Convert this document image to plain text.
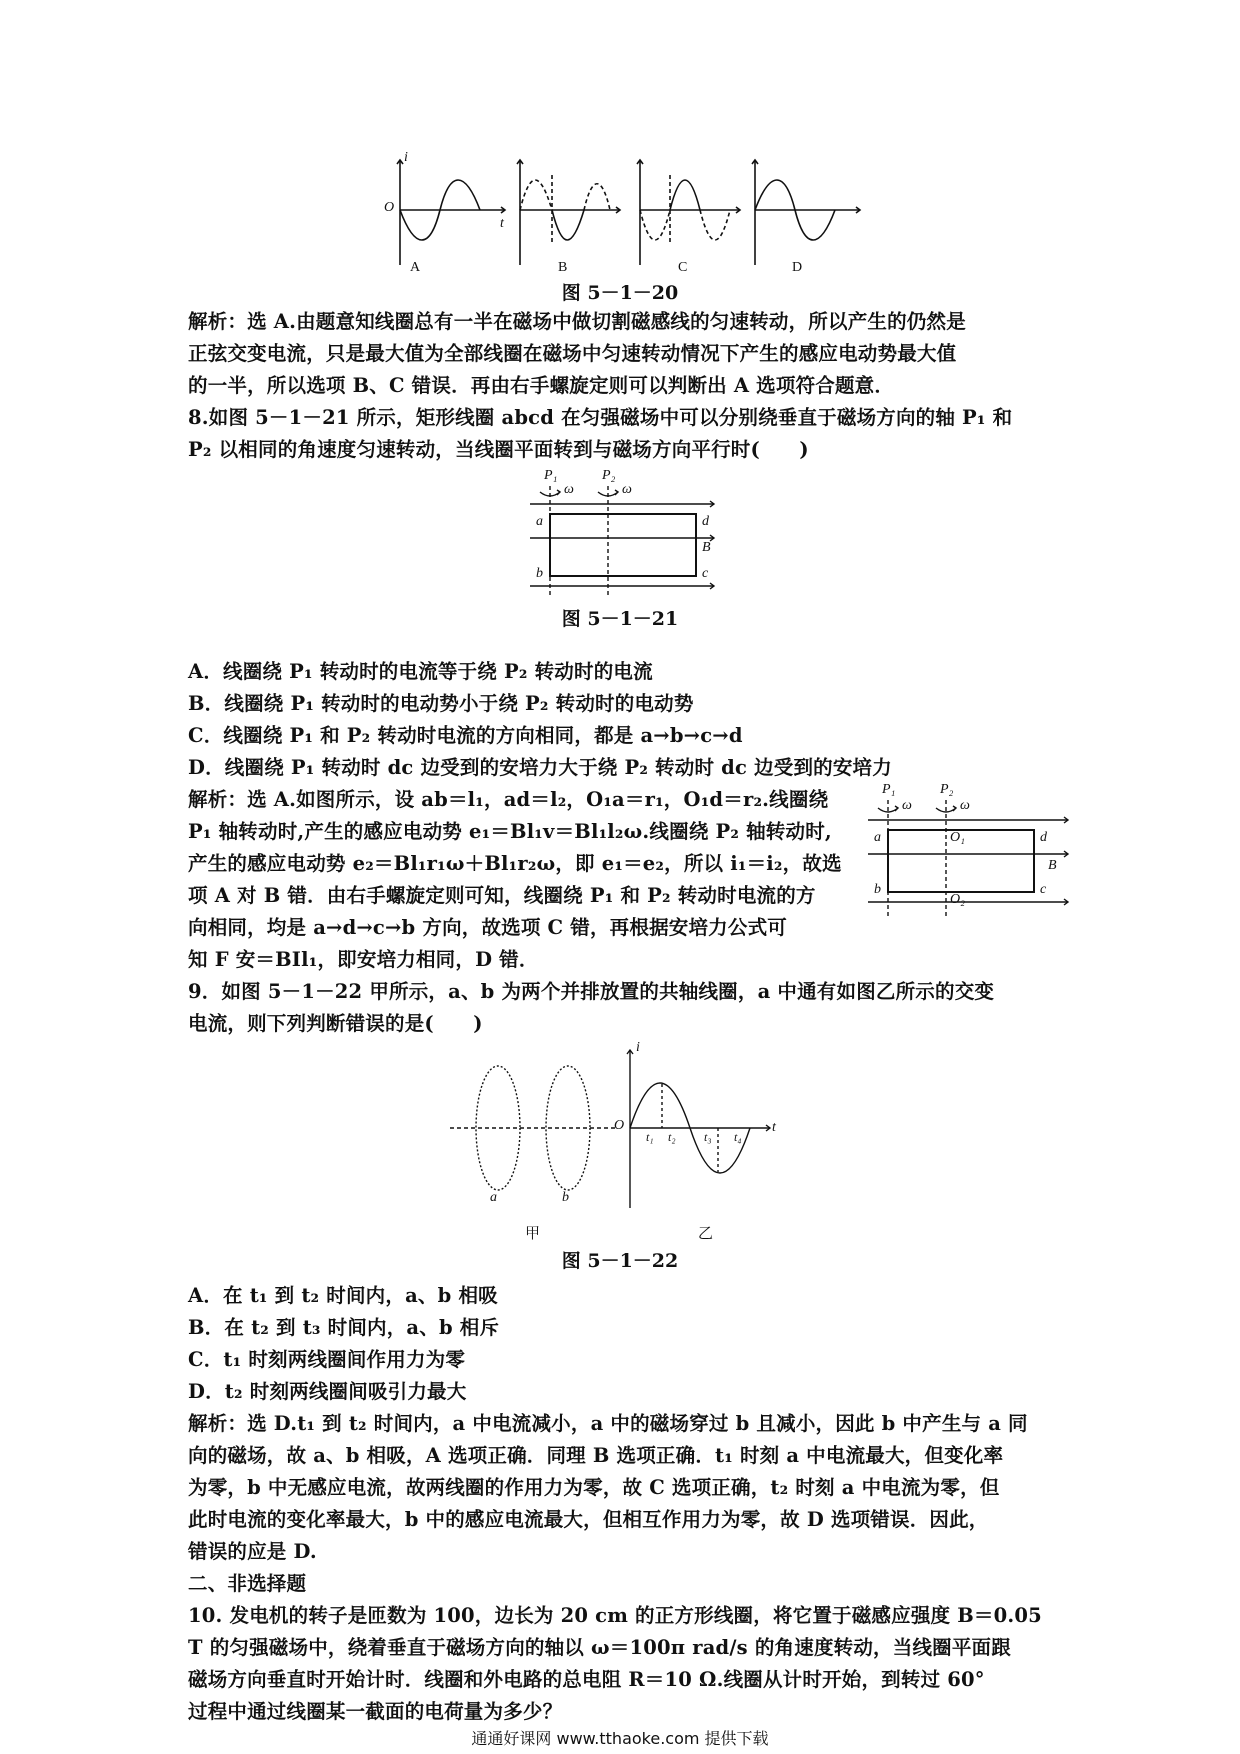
i
O
t
A	B	C	D
图 5－1－20
解析：选 A.由题意知线圈总有一半在磁场中做切割磁感线的匀速转动，所以产生的仍然是
正弦交变电流，只是最大值为全部线圈在磁场中匀速转动情况下产生的感应电动势最大值
的一半，所以选项 B、C 错误．再由右手螺旋定则可以判断出 A 选项符合题意．
8.如图 5－1－21 所示，矩形线圈 abcd 在匀强磁场中可以分别绕垂直于磁场方向的轴 P₁ 和
P₂ 以相同的角速度匀速转动，当线圈平面转到与磁场方向平行时(　　)
P₁	P₂
ω	ω
a	d
b	c
B
图 5－1－21
A．线圈绕 P₁ 转动时的电流等于绕 P₂ 转动时的电流
B．线圈绕 P₁ 转动时的电动势小于绕 P₂ 转动时的电动势
C．线圈绕 P₁ 和 P₂ 转动时电流的方向相同，都是 a→b→c→d
D．线圈绕 P₁ 转动时 dc 边受到的安培力大于绕 P₂ 转动时 dc 边受到的安培力
解析：选 A.如图所示，设 ab＝l₁，ad＝l₂，O₁a＝r₁，O₁d＝r₂.线圈绕
P₁ 轴转动时,产生的感应电动势 e₁＝Bl₁v＝Bl₁l₂ω.线圈绕 P₂ 轴转动时,
产生的感应电动势 e₂＝Bl₁r₁ω＋Bl₁r₂ω，即 e₁＝e₂，所以 i₁＝i₂，故选
项 A 对 B 错．由右手螺旋定则可知，线圈绕 P₁ 和 P₂ 转动时电流的方
向相同，均是 a→d→c→b 方向，故选项 C 错，再根据安培力公式可
知 F 安＝BIl₁，即安培力相同，D 错．
P₁	P₂
ω	ω
a	d
b	c
B
O₁
O₂
9．如图 5－1－22 甲所示，a、b 为两个并排放置的共轴线圈，a 中通有如图乙所示的交变
电流，则下列判断错误的是(　　)
a	b
i
O	t
t₁ t₂ t₃ t₄
甲	乙
图 5－1－22
A．在 t₁ 到 t₂ 时间内，a、b 相吸
B．在 t₂ 到 t₃ 时间内，a、b 相斥
C．t₁ 时刻两线圈间作用力为零
D．t₂ 时刻两线圈间吸引力最大
解析：选 D.t₁ 到 t₂ 时间内，a 中电流减小，a 中的磁场穿过 b 且减小，因此 b 中产生与 a 同
向的磁场，故 a、b 相吸，A 选项正确．同理 B 选项正确．t₁ 时刻 a 中电流最大，但变化率
为零，b 中无感应电流，故两线圈的作用力为零，故 C 选项正确，t₂ 时刻 a 中电流为零，但
此时电流的变化率最大，b 中的感应电流最大，但相互作用力为零，故 D 选项错误．因此，
错误的应是 D.
二、非选择题
10. 发电机的转子是匝数为 100，边长为 20 cm 的正方形线圈，将它置于磁感应强度 B＝0.05
T 的匀强磁场中，绕着垂直于磁场方向的轴以 ω＝100π rad/s 的角速度转动，当线圈平面跟
磁场方向垂直时开始计时．线圈和外电路的总电阻 R＝10 Ω.线圈从计时开始，到转过 60°
过程中通过线圈某一截面的电荷量为多少？
通通好课网 www.tthaoke.com 提供下载
